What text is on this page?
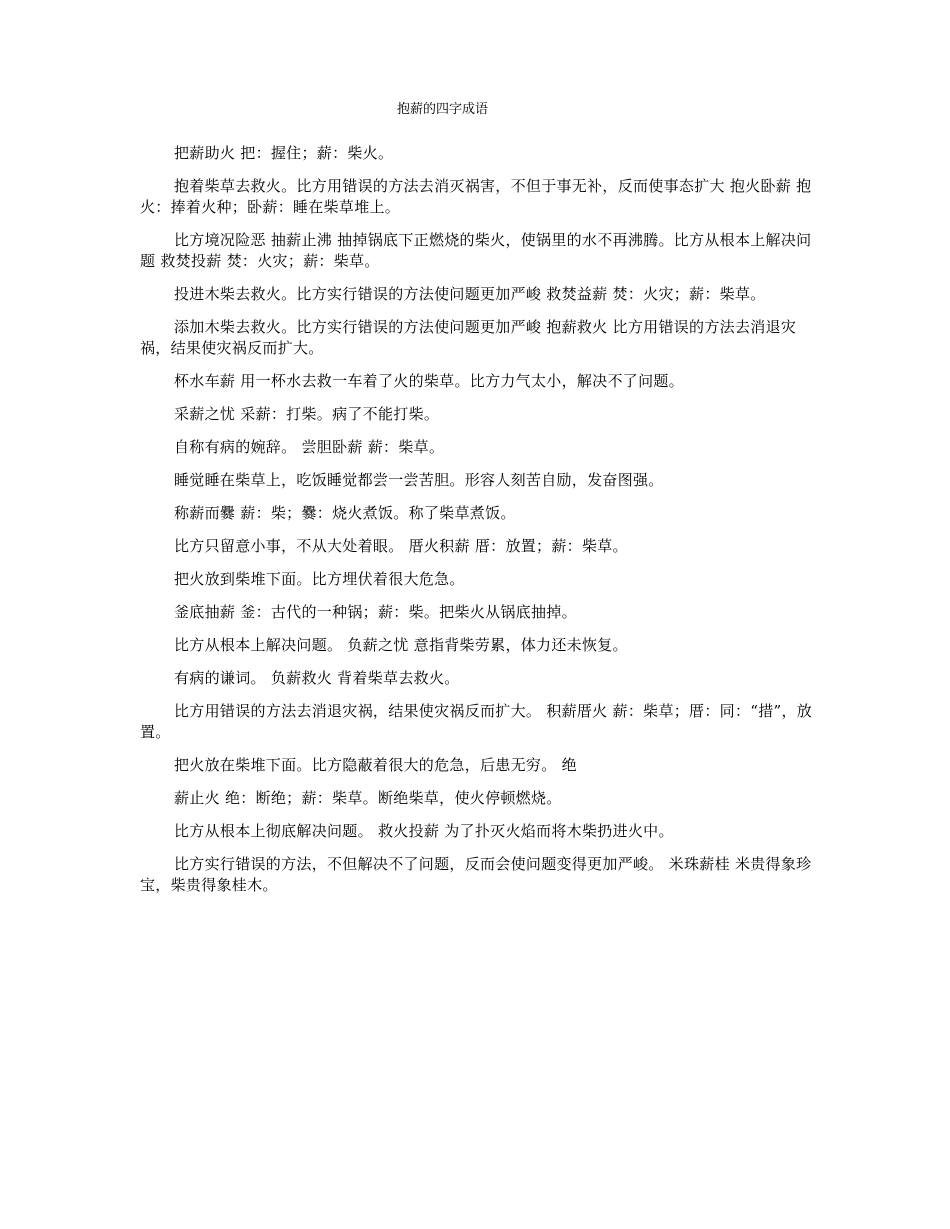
抱薪的四字成语

把薪助火 把：握住；薪：柴火。

抱着柴草去救火。比方用错误的方法去消灭祸害，不但于事无补，反而使事态扩大 抱火卧薪 抱火：捧着火种；卧薪：睡在柴草堆上。

比方境况险恶 抽薪止沸 抽掉锅底下正燃烧的柴火，使锅里的水不再沸腾。比方从根本上解决问题 救焚投薪 焚：火灾；薪：柴草。

投进木柴去救火。比方实行错误的方法使问题更加严峻 救焚益薪 焚：火灾；薪：柴草。

添加木柴去救火。比方实行错误的方法使问题更加严峻 抱薪救火 比方用错误的方法去消退灾祸，结果使灾祸反而扩大。

杯水车薪 用一杯水去救一车着了火的柴草。比方力气太小，解决不了问题。

采薪之忧 采薪：打柴。病了不能打柴。

自称有病的婉辞。 尝胆卧薪 薪：柴草。

睡觉睡在柴草上，吃饭睡觉都尝一尝苦胆。形容人刻苦自励，发奋图强。

称薪而爨 薪：柴；爨：烧火煮饭。称了柴草煮饭。

比方只留意小事，不从大处着眼。 厝火积薪 厝：放置；薪：柴草。

把火放到柴堆下面。比方埋伏着很大危急。

釜底抽薪 釜：古代的一种锅；薪：柴。把柴火从锅底抽掉。

比方从根本上解决问题。 负薪之忧 意指背柴劳累，体力还未恢复。

有病的谦词。 负薪救火 背着柴草去救火。

比方用错误的方法去消退灾祸，结果使灾祸反而扩大。 积薪厝火 薪：柴草；厝：同：“措”，放置。

把火放在柴堆下面。比方隐蔽着很大的危急，后患无穷。 绝

薪止火 绝：断绝；薪：柴草。断绝柴草，使火停顿燃烧。

比方从根本上彻底解决问题。 救火投薪 为了扑灭火焰而将木柴扔进火中。

比方实行错误的方法，不但解决不了问题，反而会使问题变得更加严峻。 米珠薪桂 米贵得象珍宝，柴贵得象桂木。
